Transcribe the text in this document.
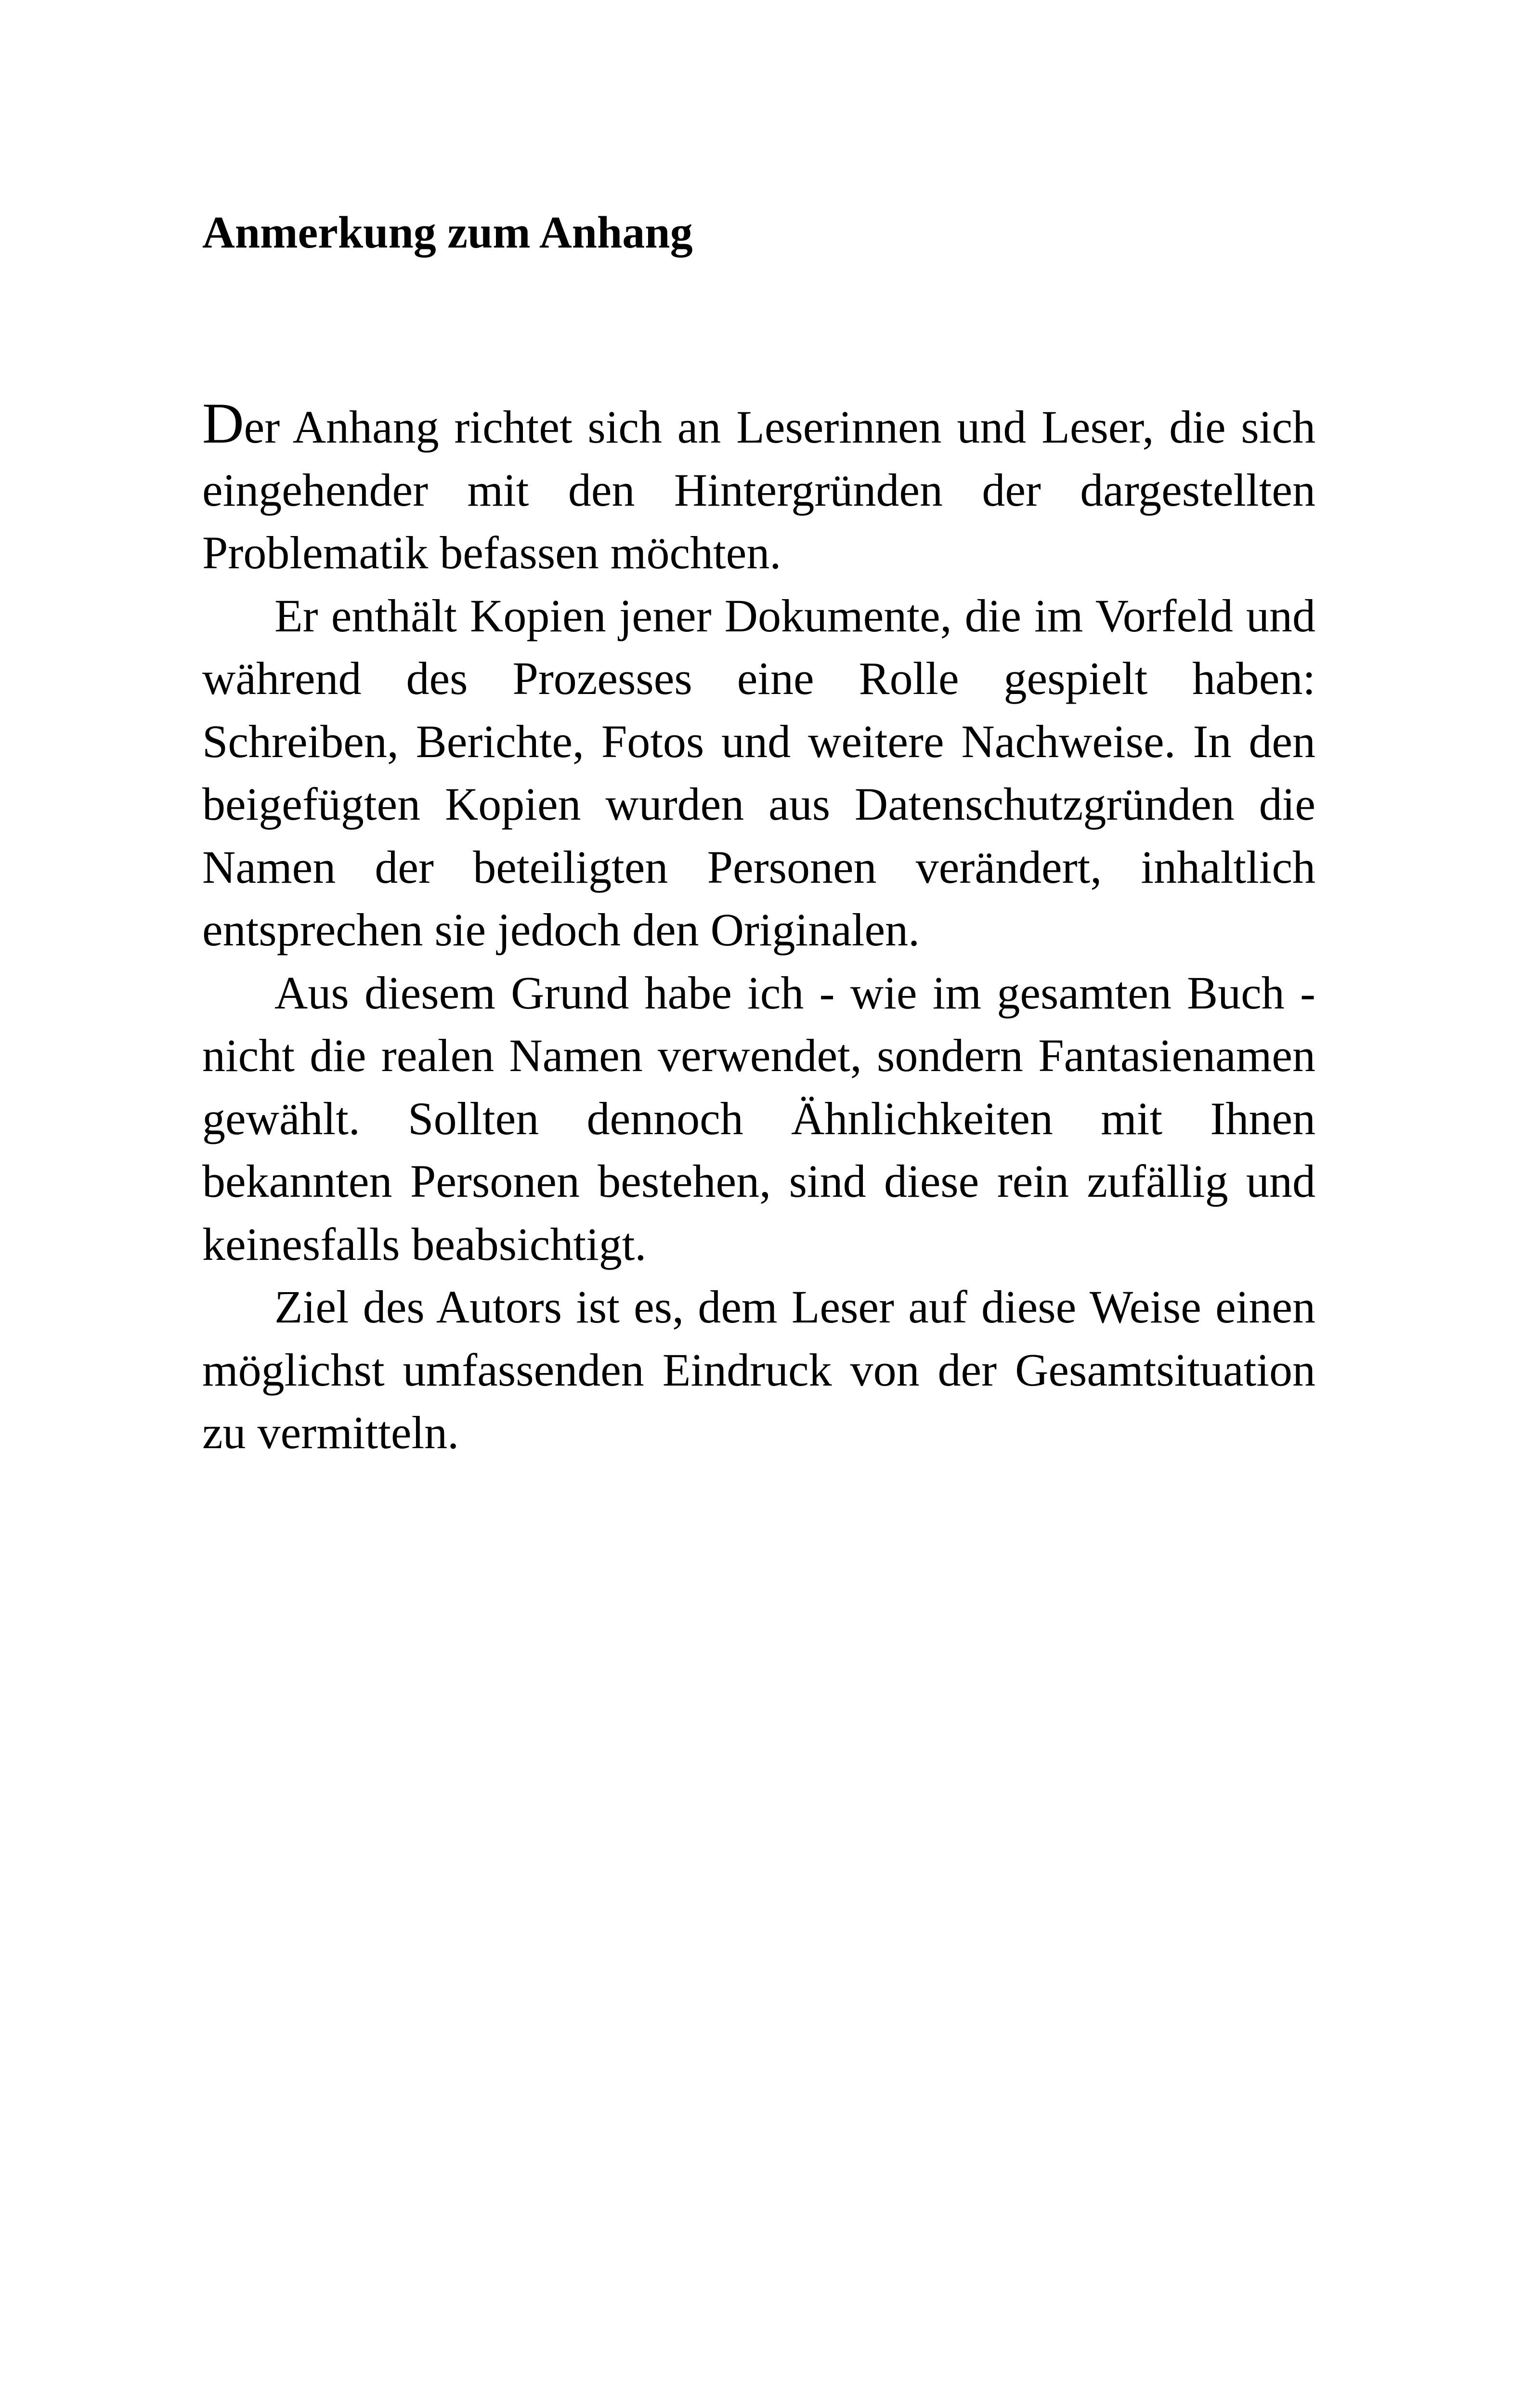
Anmerkung zum Anhang

Der Anhang richtet sich an Leserinnen und Leser, die sich eingehender mit den Hintergründen der dargestellten Problematik befassen möchten.

Er enthält Kopien jener Dokumente, die im Vorfeld und während des Prozesses eine Rolle gespielt haben: Schreiben, Berichte, Fotos und weitere Nachweise. In den beigefügten Kopien wurden aus Datenschutzgründen die Namen der beteiligten Personen verändert, inhaltlich entsprechen sie jedoch den Originalen.

Aus diesem Grund habe ich - wie im gesamten Buch - nicht die realen Namen verwendet, sondern Fantasienamen gewählt. Sollten dennoch Ähnlichkeiten mit Ihnen bekannten Personen bestehen, sind diese rein zufällig und keinesfalls beabsichtigt.

Ziel des Autors ist es, dem Leser auf diese Weise einen möglichst umfassenden Eindruck von der Gesamtsituation zu vermitteln.
